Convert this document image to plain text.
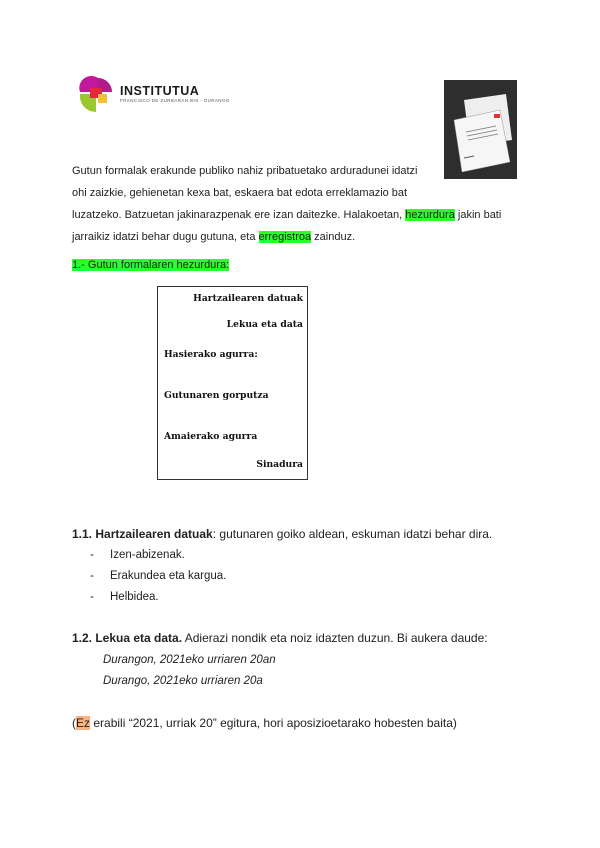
INSTITUTUA
FRANCISCO DE ZURBARAN BHI - DURANGO
Gutun formalak erakunde publiko nahiz pribatuetako arduradunei idatzi
ohi zaizkie, gehienetan kexa bat, eskaera bat edota erreklamazio bat
luzatzeko. Batzuetan jakinarazpenak ere izan daitezke. Halakoetan, hezurdura jakin bati
jarraikiz idatzi behar dugu gutuna, eta erregistroa zainduz.
1.- Gutun formalaren hezurdura:
Hartzailearen datuak
Lekua eta data
Hasierako agurra:
Gutunaren gorputza
Amaierako agurra
Sinadura
1.1. Hartzailearen datuak: gutunaren goiko aldean, eskuman idatzi behar dira.
- Izen-abizenak.
- Erakundea eta kargua.
- Helbidea.
1.2. Lekua eta data. Adierazi nondik eta noiz idazten duzun. Bi aukera daude:
Durangon, 2021eko urriaren 20an
Durango, 2021eko urriaren 20a
(Ez erabili “2021, urriak 20” egitura, hori aposizioetarako hobesten baita)
